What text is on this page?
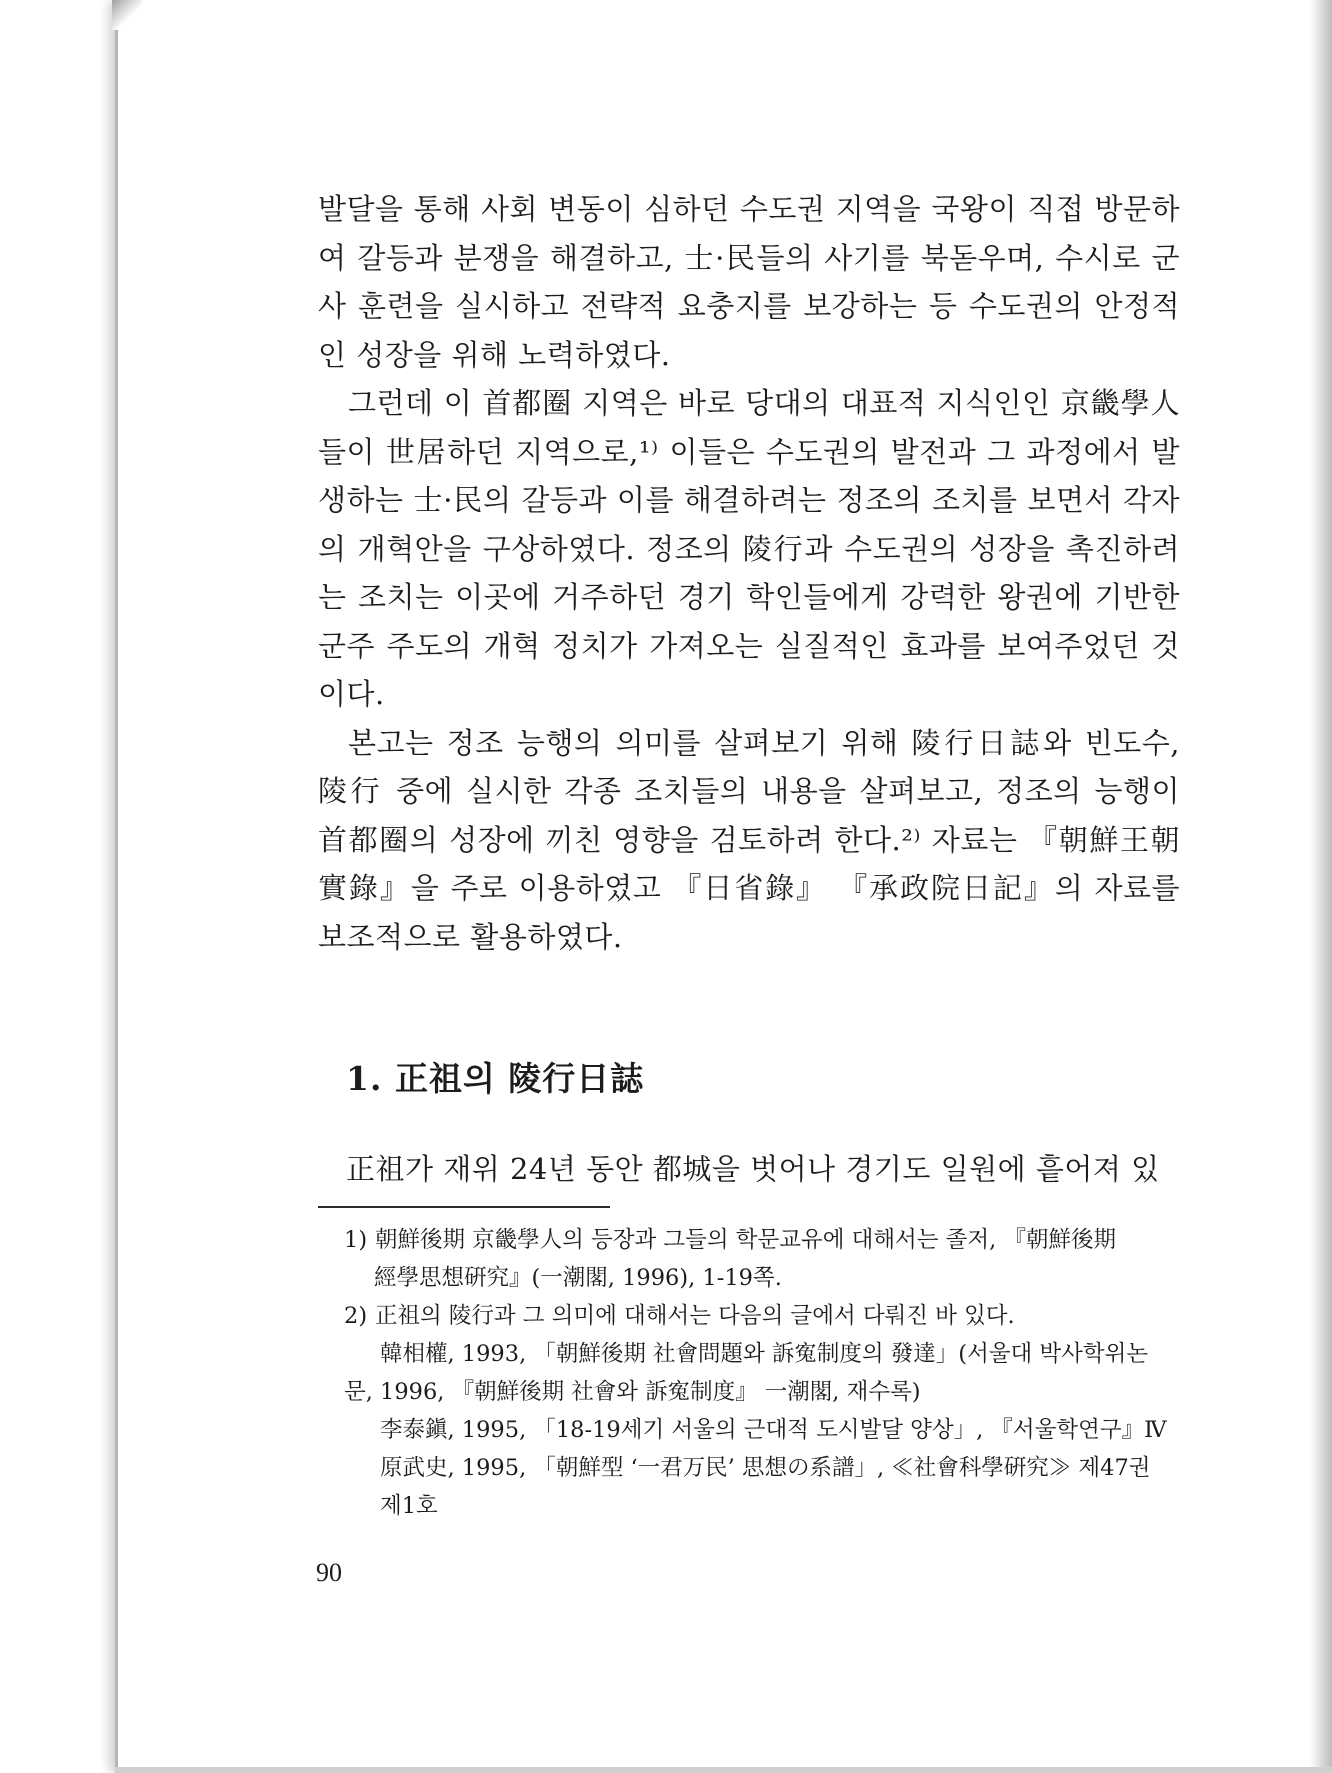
발달을 통해 사회 변동이 심하던 수도권 지역을 국왕이 직접 방문하여 갈등과 분쟁을 해결하고, 士·民들의 사기를 북돋우며, 수시로 군사 훈련을 실시하고 전략적 요충지를 보강하는 등 수도권의 안정적인 성장을 위해 노력하였다.

그런데 이 首都圈 지역은 바로 당대의 대표적 지식인인 京畿學人들이 世居하던 지역으로,¹⁾ 이들은 수도권의 발전과 그 과정에서 발생하는 士·民의 갈등과 이를 해결하려는 정조의 조치를 보면서 각자의 개혁안을 구상하였다. 정조의 陵行과 수도권의 성장을 촉진하려는 조치는 이곳에 거주하던 경기 학인들에게 강력한 왕권에 기반한 군주 주도의 개혁 정치가 가져오는 실질적인 효과를 보여주었던 것이다.

본고는 정조 능행의 의미를 살펴보기 위해 陵行日誌와 빈도수, 陵行 중에 실시한 각종 조치들의 내용을 살펴보고, 정조의 능행이 首都圈의 성장에 끼친 영향을 검토하려 한다.²⁾ 자료는 『朝鮮王朝實錄』을 주로 이용하였고 『日省錄』 『承政院日記』의 자료를 보조적으로 활용하였다.

1. 正祖의 陵行日誌

正祖가 재위 24년 동안 都城을 벗어나 경기도 일원에 흩어져 있

1) 朝鮮後期 京畿學人의 등장과 그들의 학문교유에 대해서는 졸저, 『朝鮮後期

經學思想硏究』(一潮閣, 1996), 1-19쪽.

2) 正祖의 陵行과 그 의미에 대해서는 다음의 글에서 다뤄진 바 있다.

韓相權, 1993, 「朝鮮後期 社會問題와 訴寃制度의 發達」(서울대 박사학위논

문, 1996, 『朝鮮後期 社會와 訴寃制度』 一潮閣, 재수록)

李泰鎭, 1995, 「18-19세기 서울의 근대적 도시발달 양상」, 『서울학연구』Ⅳ

原武史, 1995, 「朝鮮型 ‘一君万民’ 思想の系譜」, ≪社會科學硏究≫ 제47권

제1호

90
